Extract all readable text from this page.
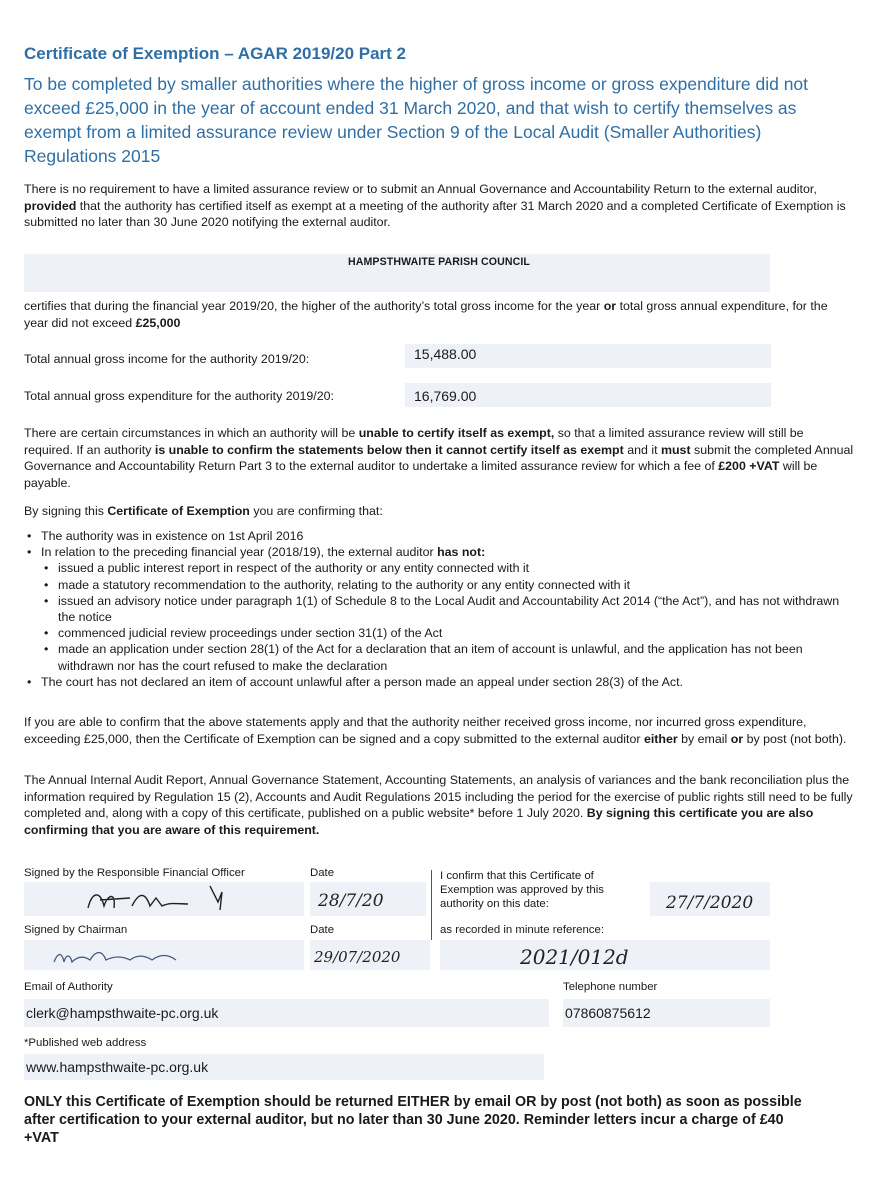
Certificate of Exemption – AGAR 2019/20 Part 2
To be completed by smaller authorities where the higher of gross income or gross expenditure did not exceed £25,000 in the year of account ended 31 March 2020, and that wish to certify themselves as exempt from a limited assurance review under Section 9 of the Local Audit (Smaller Authorities) Regulations 2015
There is no requirement to have a limited assurance review or to submit an Annual Governance and Accountability Return to the external auditor, provided that the authority has certified itself as exempt at a meeting of the authority after 31 March 2020 and a completed Certificate of Exemption is submitted no later than 30 June 2020 notifying the external auditor.
HAMPSTHWAITE PARISH COUNCIL
certifies that during the financial year 2019/20, the higher of the authority’s total gross income for the year or total gross annual expenditure, for the year did not exceed £25,000
Total annual gross income for the authority 2019/20:	15,488.00
Total annual gross expenditure for the authority 2019/20:	16,769.00
There are certain circumstances in which an authority will be unable to certify itself as exempt, so that a limited assurance review will still be required. If an authority is unable to confirm the statements below then it cannot certify itself as exempt and it must submit the completed Annual Governance and Accountability Return Part 3 to the external auditor to undertake a limited assurance review for which a fee of £200 +VAT will be payable.
By signing this Certificate of Exemption you are confirming that:
• The authority was in existence on 1st April 2016
• In relation to the preceding financial year (2018/19), the external auditor has not:
• issued a public interest report in respect of the authority or any entity connected with it
• made a statutory recommendation to the authority, relating to the authority or any entity connected with it
• issued an advisory notice under paragraph 1(1) of Schedule 8 to the Local Audit and Accountability Act 2014 (“the Act”), and has not withdrawn the notice
• commenced judicial review proceedings under section 31(1) of the Act
• made an application under section 28(1) of the Act for a declaration that an item of account is unlawful, and the application has not been withdrawn nor has the court refused to make the declaration
• The court has not declared an item of account unlawful after a person made an appeal under section 28(3) of the Act.
If you are able to confirm that the above statements apply and that the authority neither received gross income, nor incurred gross expenditure, exceeding £25,000, then the Certificate of Exemption can be signed and a copy submitted to the external auditor either by email or by post (not both).
The Annual Internal Audit Report, Annual Governance Statement, Accounting Statements, an analysis of variances and the bank reconciliation plus the information required by Regulation 15 (2), Accounts and Audit Regulations 2015 including the period for the exercise of public rights still need to be fully completed and, along with a copy of this certificate, published on a public website* before 1 July 2020. By signing this certificate you are also confirming that you are aware of this requirement.
Signed by the Responsible Financial Officer	Date
28/7/20
I confirm that this Certificate of Exemption was approved by this authority on this date:	27/7/2020
Signed by Chairman	Date
29/07/2020
as recorded in minute reference:
2021/012d
Email of Authority
clerk@hampsthwaite-pc.org.uk
Telephone number
07860875612
*Published web address
www.hampsthwaite-pc.org.uk
ONLY this Certificate of Exemption should be returned EITHER by email OR by post (not both) as soon as possible after certification to your external auditor, but no later than 30 June 2020. Reminder letters incur a charge of £40 +VAT
